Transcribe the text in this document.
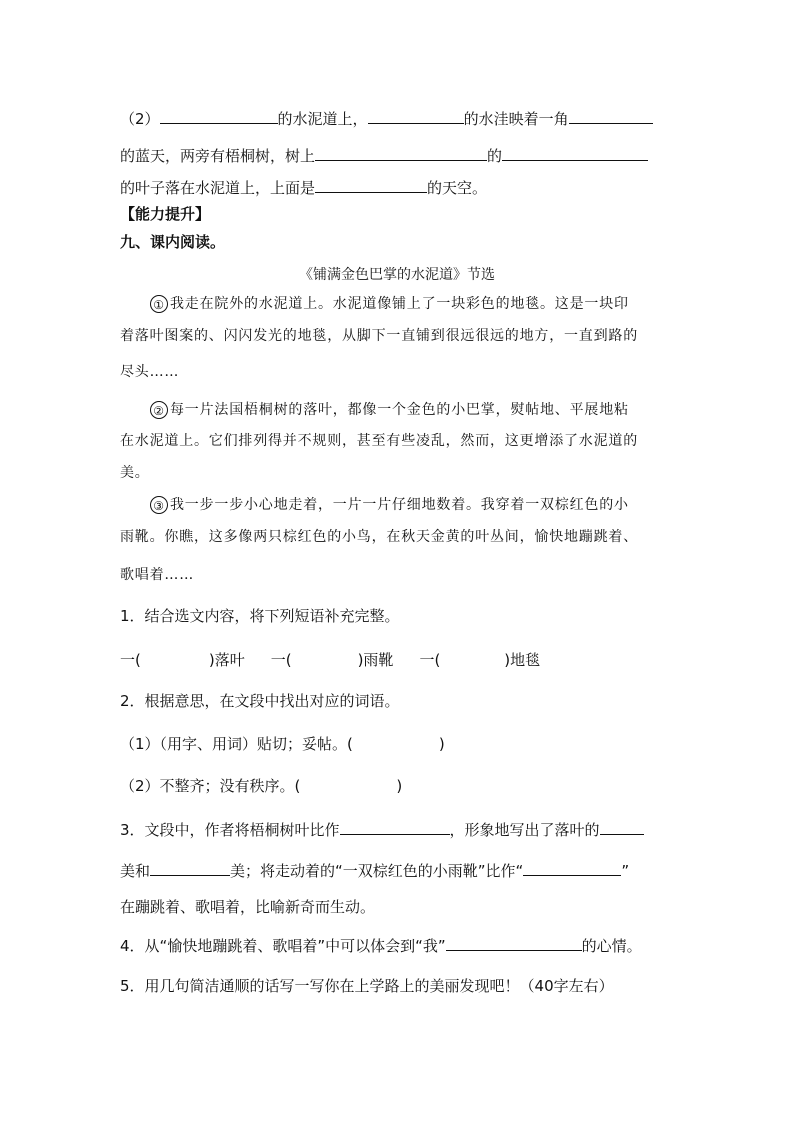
（2）	的水泥道上，	的水洼映着一角
的蓝天，两旁有梧桐树，树上	的
的叶子落在水泥道上，上面是	的天空。
【能力提升】
九、课内阅读。
《铺满金色巴掌的水泥道》节选
① 我走在院外的水泥道上。水泥道像铺上了一块彩色的地毯。这是一块印
着落叶图案的、闪闪发光的地毯，从脚下一直铺到很远很远的地方，一直到路的
尽头……
② 每一片法国梧桐树的落叶，都像一个金色的小巴掌，熨帖地、平展地粘
在水泥道上。它们排列得并不规则，甚至有些凌乱，然而，这更增添了水泥道的
美。
③ 我一步一步小心地走着，一片一片仔细地数着。我穿着一双棕红色的小
雨靴。你瞧，这多像两只棕红色的小鸟，在秋天金黄的叶丛间，愉快地蹦跳着、
歌唱着……
1．结合选文内容，将下列短语补充完整。
一(	)落叶 一(	)雨靴 一(	)地毯
2．根据意思，在文段中找出对应的词语。
（1）（用字、用词）贴切；妥帖。(	)
（2）不整齐；没有秩序。(	)
3．文段中，作者将梧桐树叶比作	，形象地写出了落叶的
美和	美；将走动着的“一双棕红色的小雨靴”比作“	”
在蹦跳着、歌唱着，比喻新奇而生动。
4．从“愉快地蹦跳着、歌唱着”中可以体会到“我”	的心情。
5．用几句简洁通顺的话写一写你在上学路上的美丽发现吧！（40字左右）
